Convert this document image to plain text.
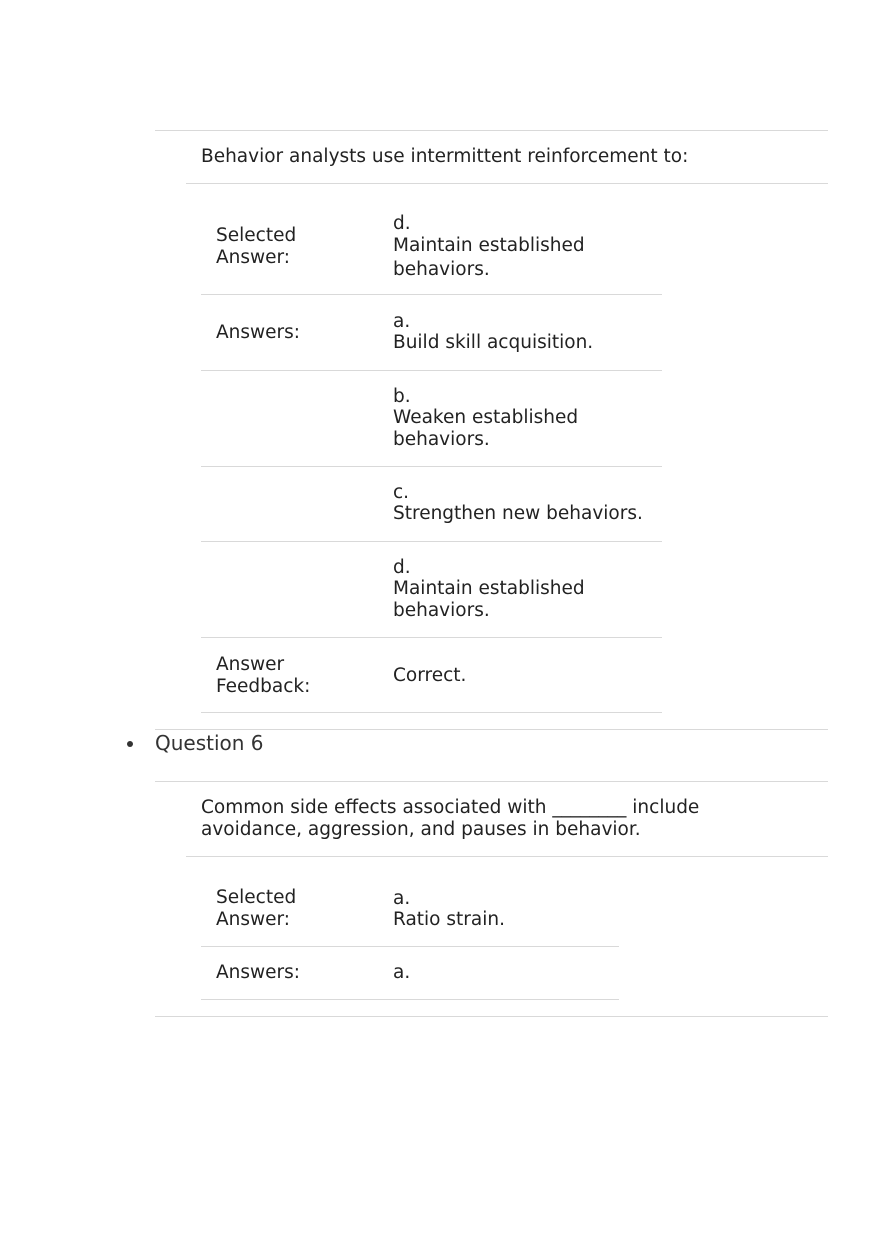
Behavior analysts use intermittent reinforcement to:
Selected
Answer:
d.
Maintain established
behaviors.
Answers:
a.
Build skill acquisition.
b.
Weaken established
behaviors.
c.
Strengthen new behaviors.
d.
Maintain established
behaviors.
Answer
Feedback:
Correct.
Question 6
Common side effects associated with ________ include
avoidance, aggression, and pauses in behavior.
Selected
Answer:
a.
Ratio strain.
Answers:	a.
